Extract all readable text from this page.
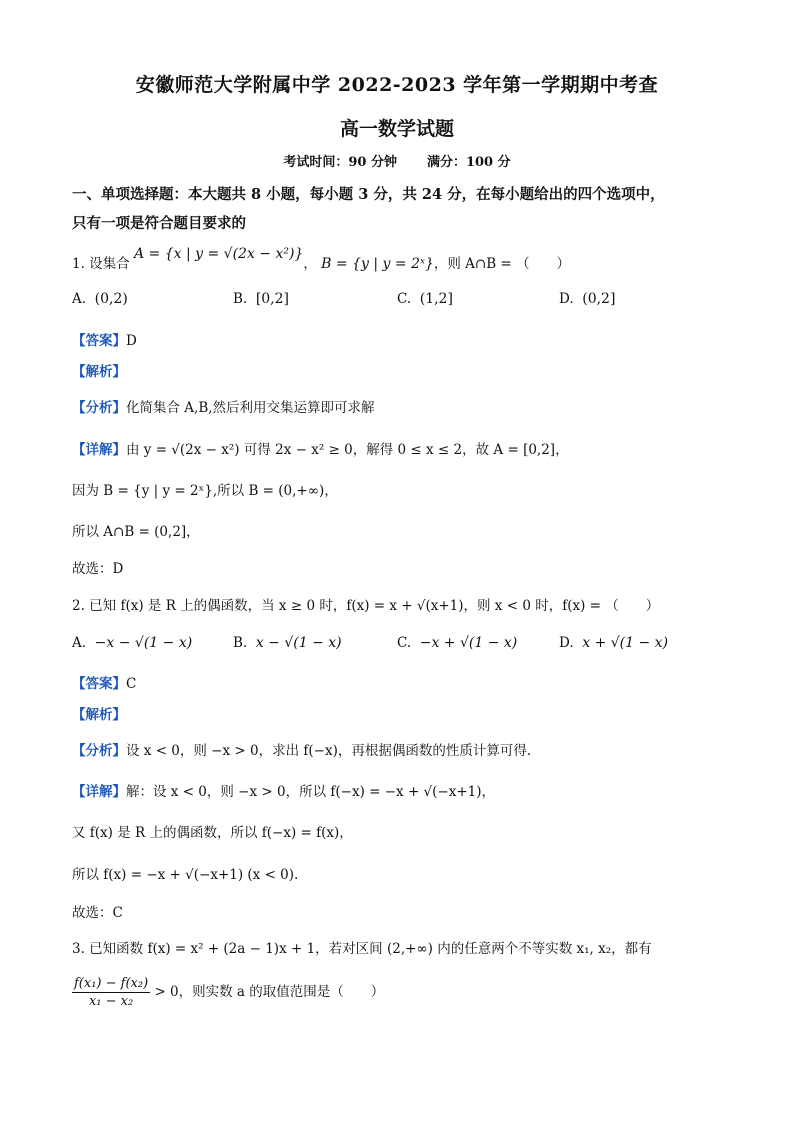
安徽师范大学附属中学 2022-2023 学年第一学期期中考查
高一数学试题
考试时间：90 分钟 满分：100 分
一、单项选择题：本大题共 8 小题，每小题 3 分，共 24 分，在每小题给出的四个选项中，
只有一项是符合题目要求的
1. 设集合 A = {x | y = √(2x − x²)}， B = {y | y = 2ˣ}，则 A∩B = （　　）
A. (0,2)	B. [0,2]	C. (1,2]	D. (0,2]
【答案】D
【解析】
【分析】化简集合 A,B,然后利用交集运算即可求解
【详解】由 y = √(2x − x²) 可得 2x − x² ≥ 0，解得 0 ≤ x ≤ 2，故 A = [0,2]，
因为 B = {y | y = 2ˣ},所以 B = (0,+∞)，
所以 A∩B = (0,2]，
故选：D
2. 已知 f(x) 是 R 上的偶函数，当 x ≥ 0 时，f(x) = x + √(x+1)，则 x < 0 时，f(x) = （　　）
A. −x − √(1 − x)	B. x − √(1 − x)	C. −x + √(1 − x)	D. x + √(1 − x)
【答案】C
【解析】
【分析】设 x < 0，则 −x > 0，求出 f(−x)，再根据偶函数的性质计算可得.
【详解】解：设 x < 0，则 −x > 0，所以 f(−x) = −x + √(−x+1)，
又 f(x) 是 R 上的偶函数，所以 f(−x) = f(x)，
所以 f(x) = −x + √(−x+1) (x < 0).
故选：C
3. 已知函数 f(x) = x² + (2a − 1)x + 1，若对区间 (2,+∞) 内的任意两个不等实数 x₁, x₂，都有
$\frac{\text{f(x₁) − f(x₂)}}{\text{x₁ − x₂}} > 0$，则实数 a 的取值范围是（　　）
